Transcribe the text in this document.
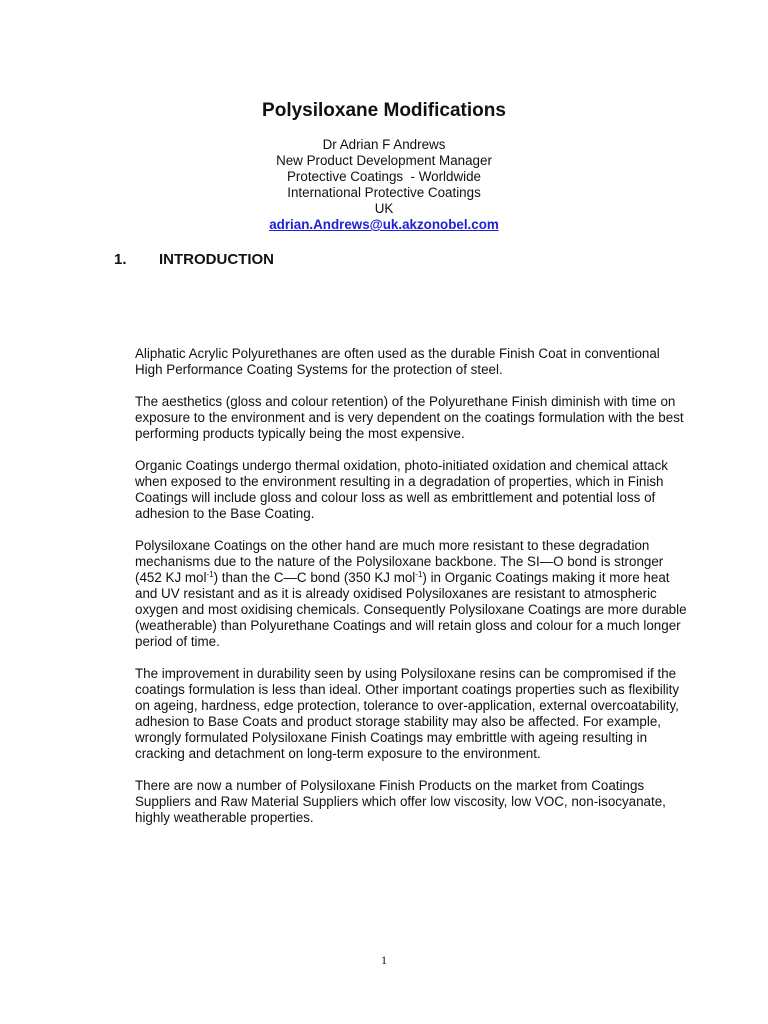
Polysiloxane Modifications
Dr Adrian F Andrews
New Product Development Manager
Protective Coatings  - Worldwide
International Protective Coatings
UK
adrian.Andrews@uk.akzonobel.com
1. INTRODUCTION

Aliphatic Acrylic Polyurethanes are often used as the durable Finish Coat in conventional High Performance Coating Systems for the protection of steel.

The aesthetics (gloss and colour retention) of the Polyurethane Finish diminish with time on exposure to the environment and is very dependent on the coatings formulation with the best performing products typically being the most expensive.

Organic Coatings undergo thermal oxidation, photo-initiated oxidation and chemical attack when exposed to the environment resulting in a degradation of properties, which in Finish Coatings will include gloss and colour loss as well as embrittlement and potential loss of adhesion to the Base Coating.

Polysiloxane Coatings on the other hand are much more resistant to these degradation mechanisms due to the nature of the Polysiloxane backbone. The SI—O bond is stronger
(452 KJ mol$^{-1}$) than the C—C bond (350 KJ mol$^{-1}$) in Organic Coatings making it more heat and UV resistant and as it is already oxidised Polysiloxanes are resistant to atmospheric oxygen and most oxidising chemicals. Consequently Polysiloxane Coatings are more durable (weatherable) than Polyurethane Coatings and will retain gloss and colour for a much longer period of time.

The improvement in durability seen by using Polysiloxane resins can be compromised if the coatings formulation is less than ideal. Other important coatings properties such as flexibility on ageing, hardness, edge protection, tolerance to over-application, external overcoatability, adhesion to Base Coats and product storage stability may also be affected. For example, wrongly formulated Polysiloxane Finish Coatings may embrittle with ageing resulting in cracking and detachment on long-term exposure to the environment.

There are now a number of Polysiloxane Finish Products on the market from Coatings Suppliers and Raw Material Suppliers which offer low viscosity, low VOC, non-isocyanate, highly weatherable properties.

1
